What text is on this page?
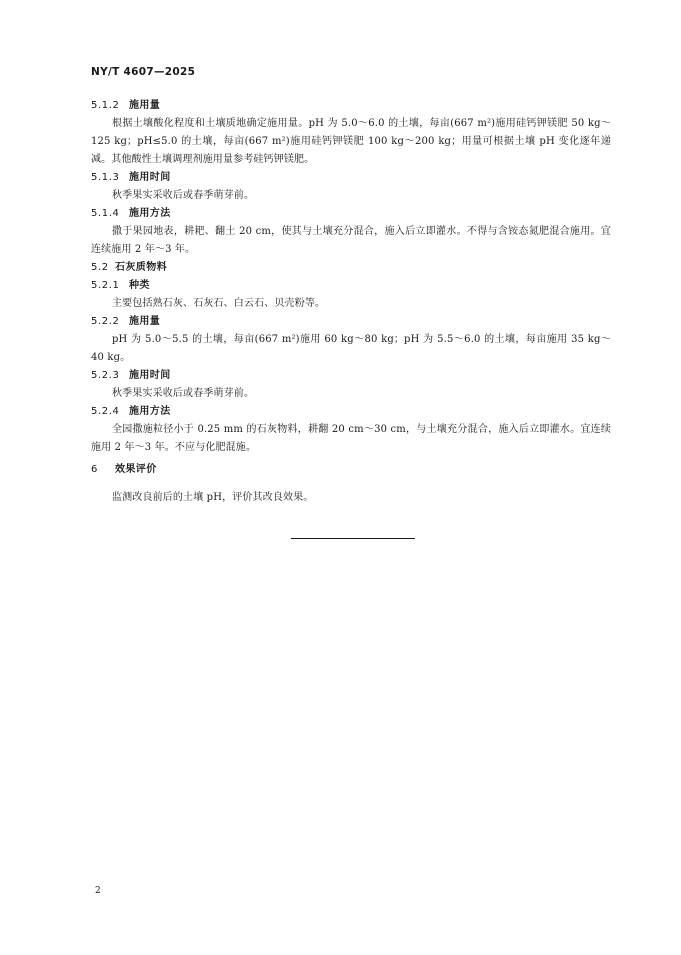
NY/T 4607—2025
5.1.2 施用量
根据土壤酸化程度和土壤质地确定施用量。pH 为 5.0～6.0 的土壤，每亩(667 m²)施用硅钙钾镁肥 50 kg～125 kg；pH≤5.0 的土壤，每亩(667 m²)施用硅钙钾镁肥 100 kg～200 kg；用量可根据土壤 pH 变化逐年递减。其他酸性土壤调理剂施用量参考硅钙钾镁肥。
5.1.3 施用时间
秋季果实采收后或春季萌芽前。
5.1.4 施用方法
撒于果园地表，耕耙、翻土 20 cm，使其与土壤充分混合，施入后立即灌水。不得与含铵态氮肥混合施用。宜连续施用 2 年～3 年。
5.2 石灰质物料
5.2.1 种类
主要包括熟石灰、石灰石、白云石、贝壳粉等。
5.2.2 施用量
pH 为 5.0～5.5 的土壤，每亩(667 m²)施用 60 kg～80 kg；pH 为 5.5～6.0 的土壤，每亩施用 35 kg～40 kg。
5.2.3 施用时间
秋季果实采收后或春季萌芽前。
5.2.4 施用方法
全园撒施粒径小于 0.25 mm 的石灰物料，耕翻 20 cm～30 cm，与土壤充分混合，施入后立即灌水。宜连续施用 2 年～3 年。不应与化肥混施。
6 效果评价
监测改良前后的土壤 pH，评价其改良效果。
2
